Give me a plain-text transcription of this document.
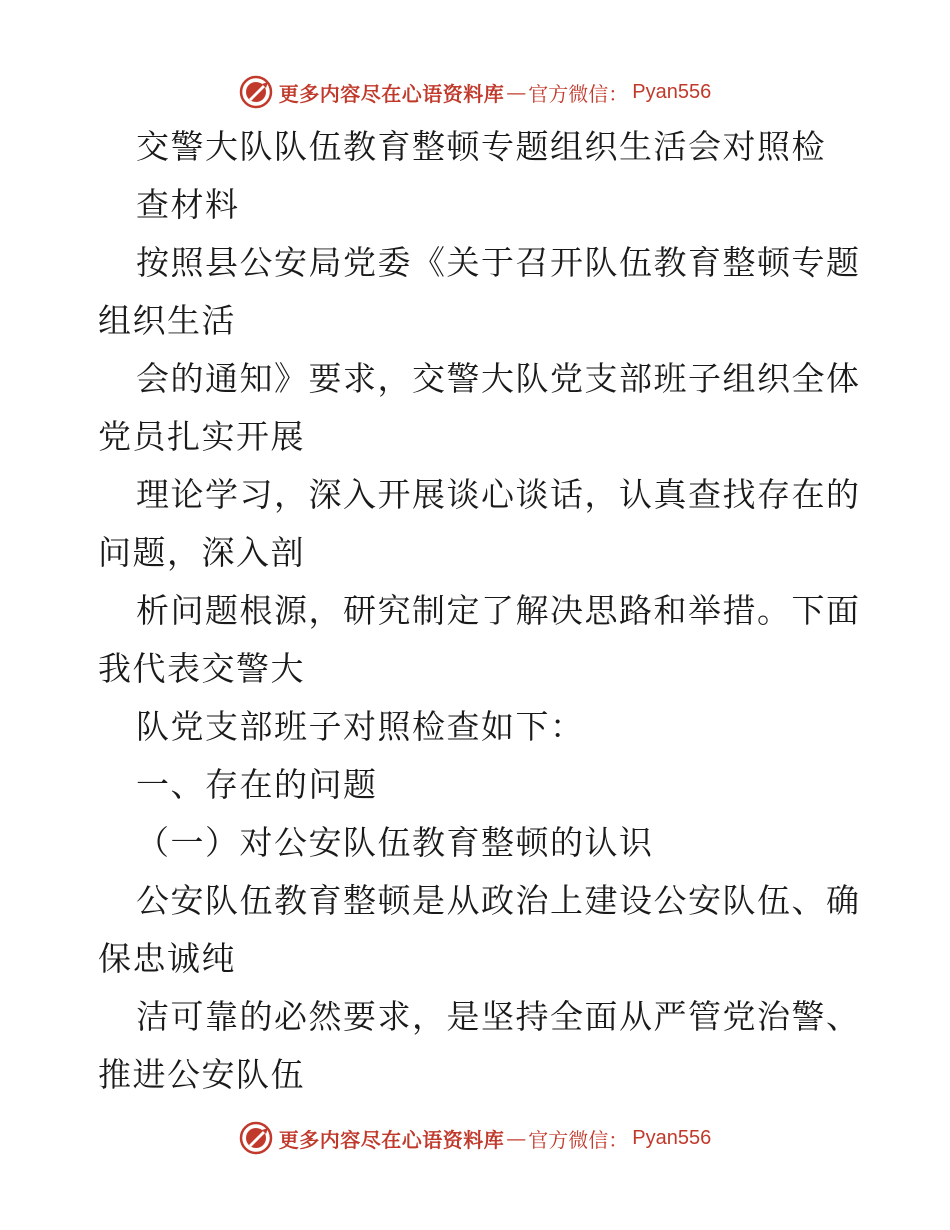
更多内容尽在心语资料库 — 官方微信： Pyan556
交警大队队伍教育整顿专题组织生活会对照检
查材料
按照县公安局党委《关于召开队伍教育整顿专题
组织生活
会的通知》要求，交警大队党支部班子组织全体
党员扎实开展
理论学习，深入开展谈心谈话，认真查找存在的
问题，深入剖
析问题根源，研究制定了解决思路和举措。下面
我代表交警大
队党支部班子对照检查如下：
一、存在的问题
（一）对公安队伍教育整顿的认识
公安队伍教育整顿是从政治上建设公安队伍、确
保忠诚纯
洁可靠的必然要求，是坚持全面从严管党治警、
推进公安队伍
更多内容尽在心语资料库 — 官方微信： Pyan556
